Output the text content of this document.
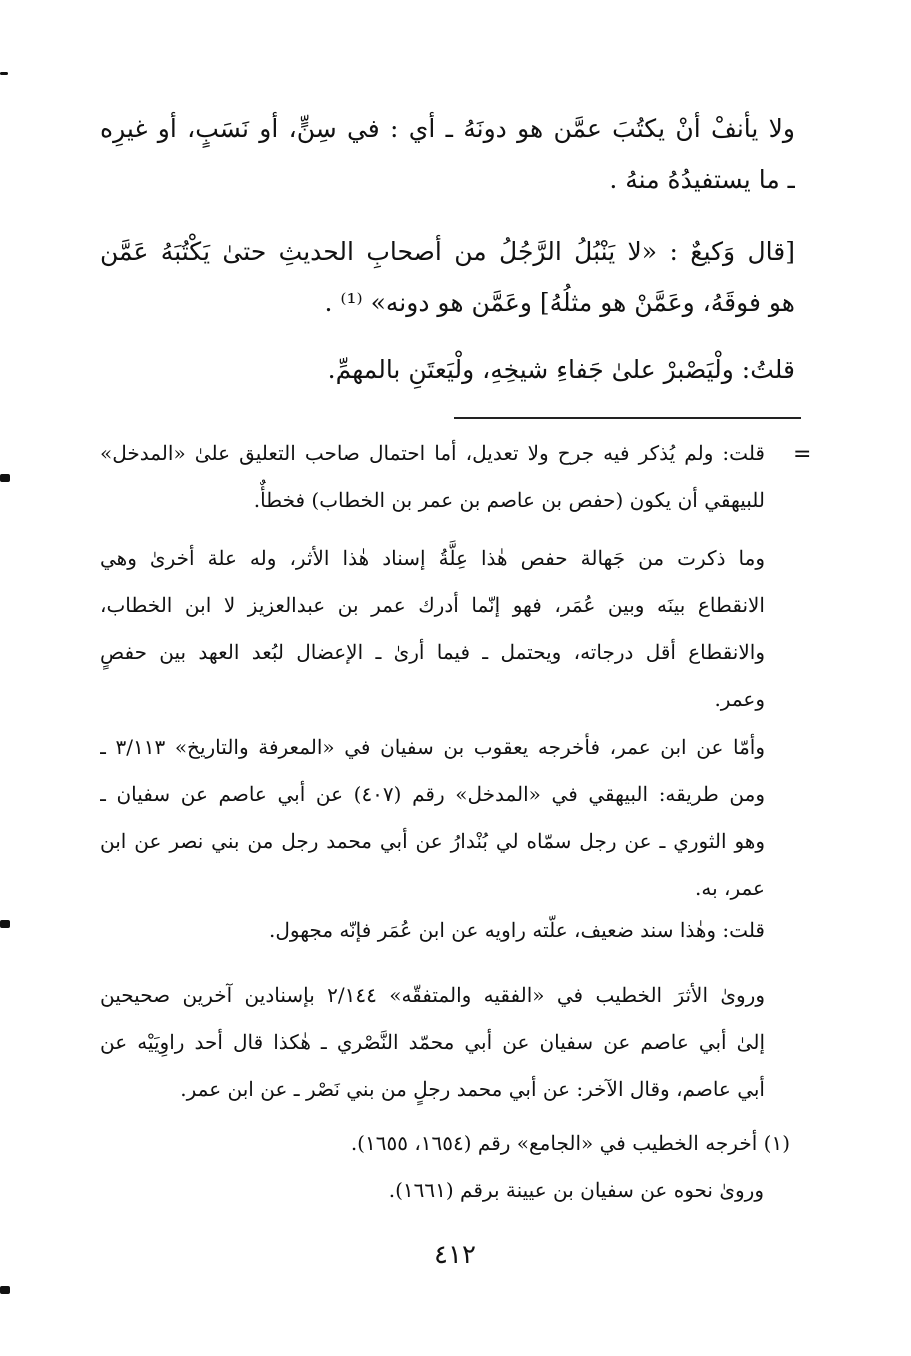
ولا يأنفْ أنْ يكتُبَ عمَّن هو دونَهُ ـ أي : في سِنٍّ، أو نَسَبٍ، أو غيرِه
ـ ما يستفيدُهُ منهُ .
[قال وَكيعٌ : «لا يَنْبُلُ الرَّجُلُ من أصحابِ الحديثِ حتىٰ يَكْتُبَهُ عَمَّن
هو فوقَهُ، وعَمَّنْ هو مثلُهُ] وعَمَّن هو دونه» ⁽¹⁾ .
قلتُ: ولْيَصْبرْ علىٰ جَفاءِ شيخِهِ، ولْيَعتَنِ بالمهمِّ.
=
قلت: ولم يُذكر فيه جرح ولا تعديل، أما احتمال صاحب التعليق علىٰ «المدخل»
للبيهقي أن يكون (حفص بن عاصم بن عمر بن الخطاب) فخطأٌ.
وما ذكرت من جَهالة حفص هٰذا عِلَّةُ إسناد هٰذا الأثر، وله علة أخرىٰ وهي
الانقطاع بينَه وبين عُمَر، فهو إنّما أدرك عمر بن عبدالعزيز لا ابن الخطاب،
والانقطاع أقل درجاته، ويحتمل ـ فيما أرىٰ ـ الإعضال لبُعد العهد بين حفصٍ
وعمر.
وأمّا عن ابن عمر، فأخرجه يعقوب بن سفيان في «المعرفة والتاريخ» ٣/١١٣ ـ
ومن طريقه: البيهقي في «المدخل» رقم (٤٠٧) عن أبي عاصم عن سفيان ـ
وهو الثوري ـ عن رجل سمّاه لي بُنْدارُ عن أبي محمد رجل من بني نصر عن ابن
عمر، به.
قلت: وهٰذا سند ضعيف، علّته راويه عن ابن عُمَر فإنّه مجهول.
وروىٰ الأثرَ الخطيب في «الفقيه والمتفقّه» ٢/١٤٤ بإسنادين آخرين صحيحين
إلىٰ أبي عاصم عن سفيان عن أبي محمّد النَّصْري ـ هٰكذا قال أحد راوِيَيْه عن
أبي عاصم، وقال الآخر: عن أبي محمد رجلٍ من بني نَصْر ـ عن ابن عمر.
(١) أخرجه الخطيب في «الجامع» رقم (١٦٥٤، ١٦٥٥).
وروىٰ نحوه عن سفيان بن عيينة برقم (١٦٦١).
٤١٢
